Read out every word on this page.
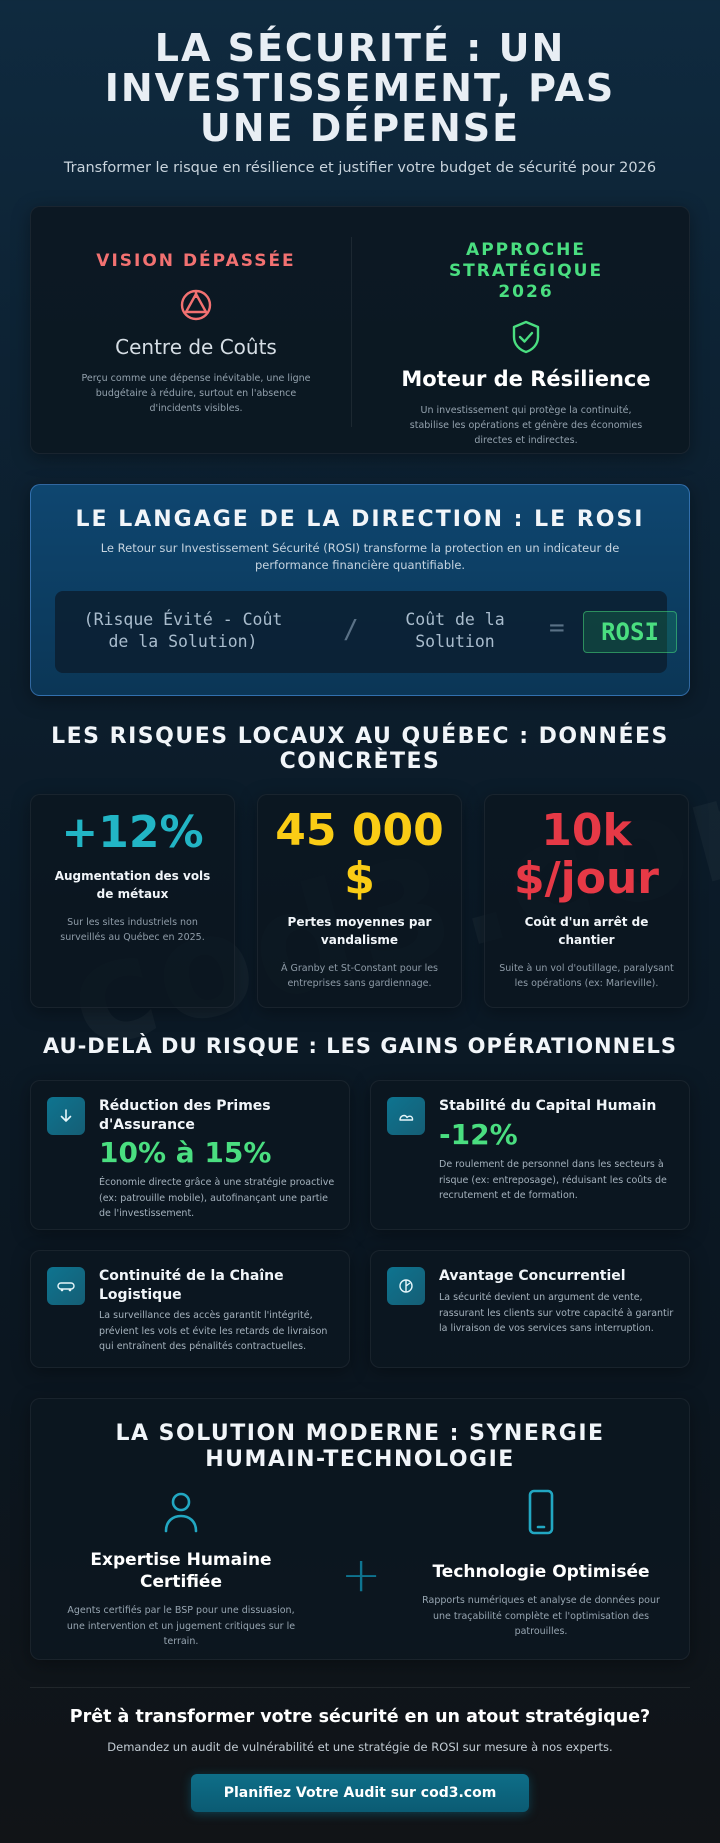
LA SÉCURITÉ : UN INVESTISSEMENT, PAS UNE DÉPENSE
Transformer le risque en résilience et justifier votre budget de sécurité pour 2026
VISION DÉPASSÉE
Centre de Coûts
Perçu comme une dépense inévitable, une ligne budgétaire à réduire, surtout en l'absence d'incidents visibles.
APPROCHE STRATÉGIQUE 2026
Moteur de Résilience
Un investissement qui protège la continuité, stabilise les opérations et génère des économies directes et indirectes.
LE LANGAGE DE LA DIRECTION : LE ROSI
Le Retour sur Investissement Sécurité (ROSI) transforme la protection en un indicateur de performance financière quantifiable.
(Risque Évité - Coût de la Solution)	/	Coût de la Solution	=	ROSI
LES RISQUES LOCAUX AU QUÉBEC : DONNÉES CONCRÈTES
+12%
Augmentation des vols de métaux
Sur les sites industriels non surveillés au Québec en 2025.
45 000 $
Pertes moyennes par vandalisme
À Granby et St-Constant pour les entreprises sans gardiennage.
10k $/jour
Coût d'un arrêt de chantier
Suite à un vol d'outillage, paralysant les opérations (ex: Marieville).
AU-DELÀ DU RISQUE : LES GAINS OPÉRATIONNELS
Réduction des Primes d'Assurance
10% à 15%
Économie directe grâce à une stratégie proactive (ex: patrouille mobile), autofinançant une partie de l'investissement.
Stabilité du Capital Humain
-12%
De roulement de personnel dans les secteurs à risque (ex: entreposage), réduisant les coûts de recrutement et de formation.
Continuité de la Chaîne Logistique
La surveillance des accès garantit l'intégrité, prévient les vols et évite les retards de livraison qui entraînent des pénalités contractuelles.
Avantage Concurrentiel
La sécurité devient un argument de vente, rassurant les clients sur votre capacité à garantir la livraison de vos services sans interruption.
LA SOLUTION MODERNE : SYNERGIE HUMAIN-TECHNOLOGIE
Expertise Humaine Certifiée
Agents certifiés par le BSP pour une dissuasion, une intervention et un jugement critiques sur le terrain.
+	Technologie Optimisée
Rapports numériques et analyse de données pour une traçabilité complète et l'optimisation des patrouilles.
Prêt à transformer votre sécurité en un atout stratégique?
Demandez un audit de vulnérabilité et une stratégie de ROSI sur mesure à nos experts.
Planifiez Votre Audit sur cod3.com
